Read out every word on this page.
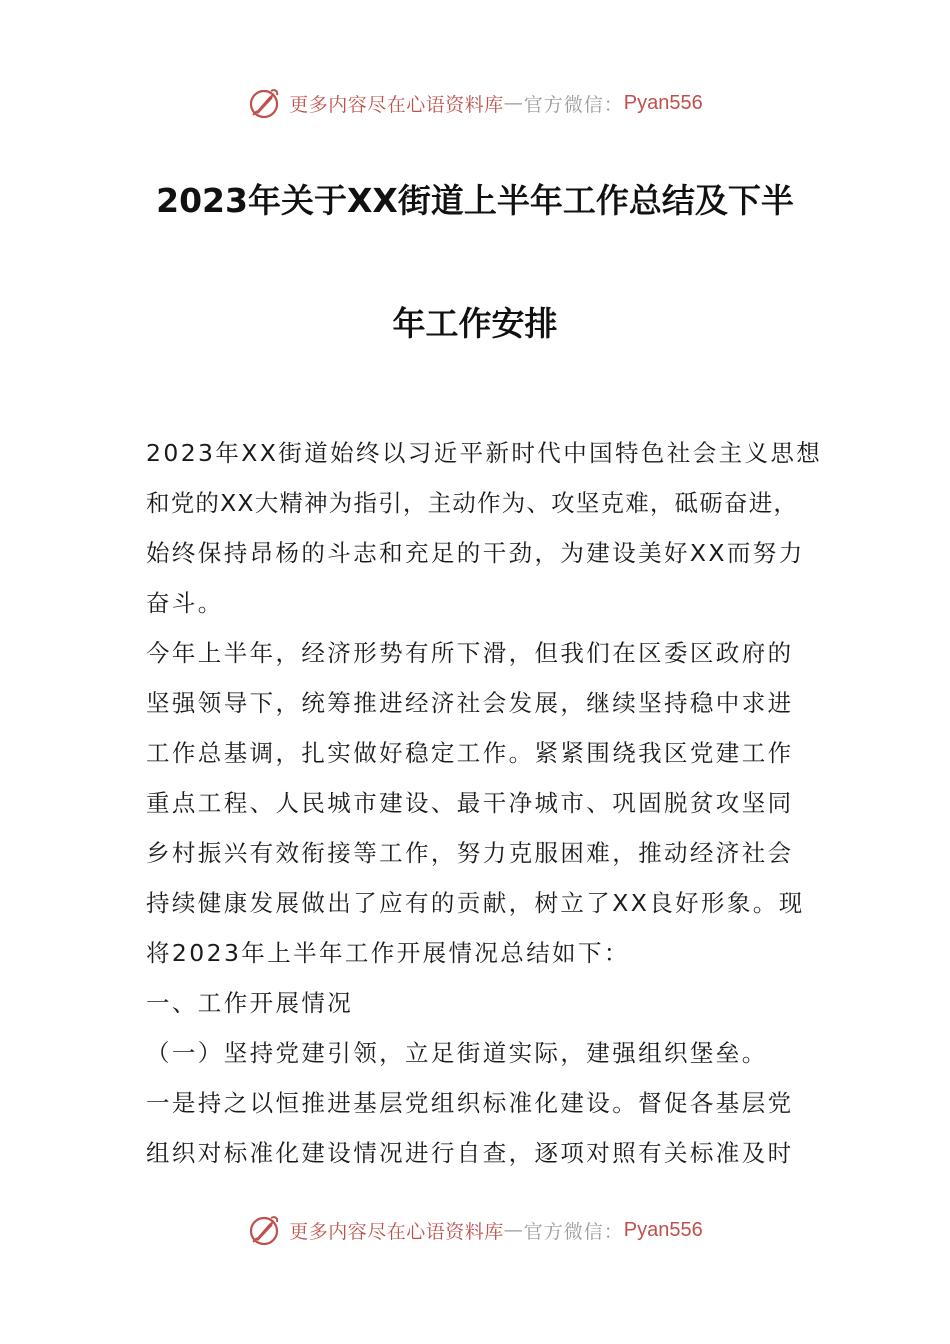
更多内容尽在心语资料库 — 官方微信： Pyan556
2023年关于XX街道上半年工作总结及下半
年工作安排
2023年XX街道始终以习近平新时代中国特色社会主义思想
和党的XX大精神为指引，主动作为、攻坚克难，砥砺奋进，
始终保持昂杨的斗志和充足的干劲，为建设美好XX而努力
奋斗。
今年上半年，经济形势有所下滑，但我们在区委区政府的
坚强领导下，统筹推进经济社会发展，继续坚持稳中求进
工作总基调，扎实做好稳定工作。紧紧围绕我区党建工作
重点工程、人民城市建设、最干净城市、巩固脱贫攻坚同
乡村振兴有效衔接等工作，努力克服困难，推动经济社会
持续健康发展做出了应有的贡献，树立了XX良好形象。现
将2023年上半年工作开展情况总结如下：
一、工作开展情况
（一）坚持党建引领，立足街道实际，建强组织堡垒。
一是持之以恒推进基层党组织标准化建设。督促各基层党
组织对标准化建设情况进行自查，逐项对照有关标准及时
更多内容尽在心语资料库 — 官方微信： Pyan556
